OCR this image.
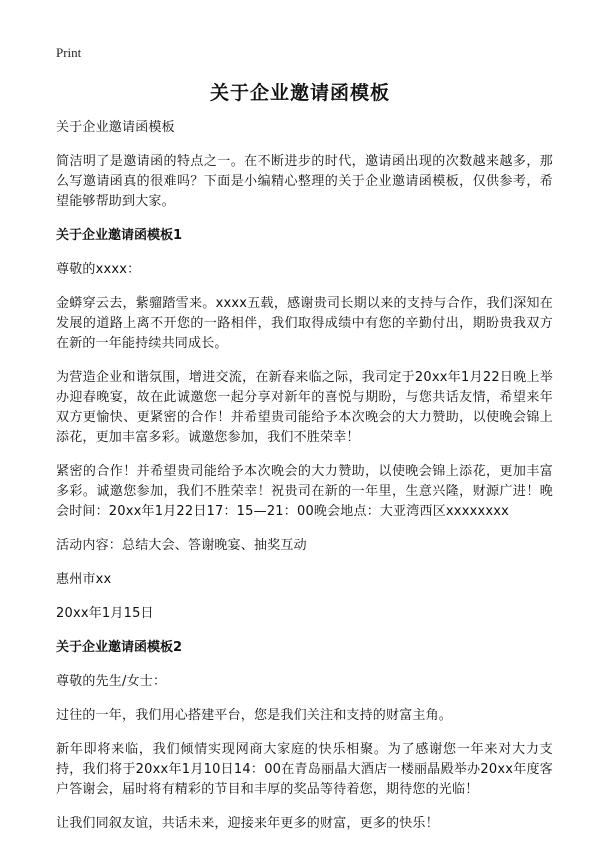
Print
关于企业邀请函模板
关于企业邀请函模板
简洁明了是邀请函的特点之一。在不断进步的时代，邀请函出现的次数越来越多，那么写邀请函真的很难吗？下面是小编精心整理的关于企业邀请函模板，仅供参考，希望能够帮助到大家。
关于企业邀请函模板1
尊敬的xxxx：
金蟒穿云去，紫骝踏雪来。xxxx五载，感谢贵司长期以来的支持与合作，我们深知在发展的道路上离不开您的一路相伴，我们取得成绩中有您的辛勤付出，期盼贵我双方在新的一年能持续共同成长。
为营造企业和谐氛围，增进交流，在新春来临之际，我司定于20xx年1月22日晚上举办迎春晚宴，故在此诚邀您一起分享对新年的喜悦与期盼，与您共话友情，希望来年双方更愉快、更紧密的合作！并希望贵司能给予本次晚会的大力赞助，以使晚会锦上添花，更加丰富多彩。诚邀您参加，我们不胜荣幸！
紧密的合作！并希望贵司能给予本次晚会的大力赞助，以使晚会锦上添花，更加丰富多彩。诚邀您参加，我们不胜荣幸！祝贵司在新的一年里，生意兴隆，财源广进！晚会时间：20xx年1月22日17：15—21：00晚会地点：大亚湾西区xxxxxxxx
活动内容：总结大会、答谢晚宴、抽奖互动
惠州市xx
20xx年1月15日
关于企业邀请函模板2
尊敬的先生/女士：
过往的一年，我们用心搭建平台，您是我们关注和支持的财富主角。
新年即将来临，我们倾情实现网商大家庭的快乐相聚。为了感谢您一年来对大力支持，我们将于20xx年1月10日14：00在青岛丽晶大酒店一楼丽晶殿举办20xx年度客户答谢会，届时将有精彩的节目和丰厚的奖品等待着您，期待您的光临！
让我们同叙友谊，共话未来，迎接来年更多的财富，更多的快乐！
